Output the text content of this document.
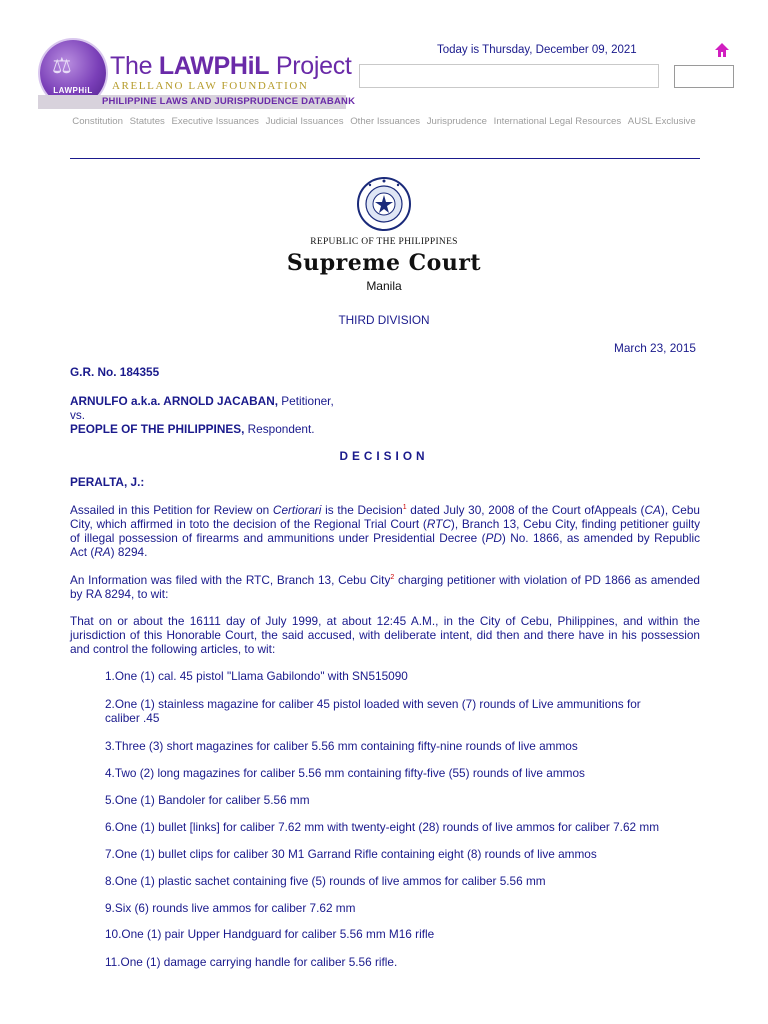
⚖
LAWPHiL
The LAWPHiL Project
ARELLANO LAW FOUNDATION
PHILIPPINE LAWS AND JURISPRUDENCE DATABANK
Today is Thursday, December 09, 2021
Constitution Statutes Executive Issuances Judicial Issuances Other Issuances Jurisprudence International Legal Resources AUSL Exclusive
REPUBLIC OF THE PHILIPPINES
Supreme Court
Manila
THIRD DIVISION
March 23, 2015
G.R. No. 184355
ARNULFO a.k.a. ARNOLD JACABAN, Petitioner,
vs.
PEOPLE OF THE PHILIPPINES, Respondent.
DECISION
PERALTA, J.:
Assailed in this Petition for Review on Certiorari is the Decision$^1$ dated July 30, 2008 of the Court ofAppeals (CA), Cebu City, which affirmed in toto the decision of the Regional Trial Court (RTC), Branch 13, Cebu City, finding petitioner guilty of illegal possession of firearms and ammunitions under Presidential Decree (PD) No. 1866, as amended by Republic Act (RA) 8294.
An Information was filed with the RTC, Branch 13, Cebu City$^2$ charging petitioner with violation of PD 1866 as amended by RA 8294, to wit:
That on or about the 16111 day of July 1999, at about 12:45 A.M., in the City of Cebu, Philippines, and within the jurisdiction of this Honorable Court, the said accused, with deliberate intent, did then and there have in his possession and control the following articles, to wit:
1.One (1) cal. 45 pistol "Llama Gabilondo" with SN515090
2.One (1) stainless magazine for caliber 45 pistol loaded with seven (7) rounds of Live ammunitions for
caliber .45
3.Three (3) short magazines for caliber 5.56 mm containing fifty-nine rounds of live ammos
4.Two (2) long magazines for caliber 5.56 mm containing fifty-five (55) rounds of live ammos
5.One (1) Bandoler for caliber 5.56 mm
6.One (1) bullet [links] for caliber 7.62 mm with twenty-eight (28) rounds of live ammos for caliber 7.62 mm
7.One (1) bullet clips for caliber 30 M1 Garrand Rifle containing eight (8) rounds of live ammos
8.One (1) plastic sachet containing five (5) rounds of live ammos for caliber 5.56 mm
9.Six (6) rounds live ammos for caliber 7.62 mm
10.One (1) pair Upper Handguard for caliber 5.56 mm M16 rifle
11.One (1) damage carrying handle for caliber 5.56 rifle.
